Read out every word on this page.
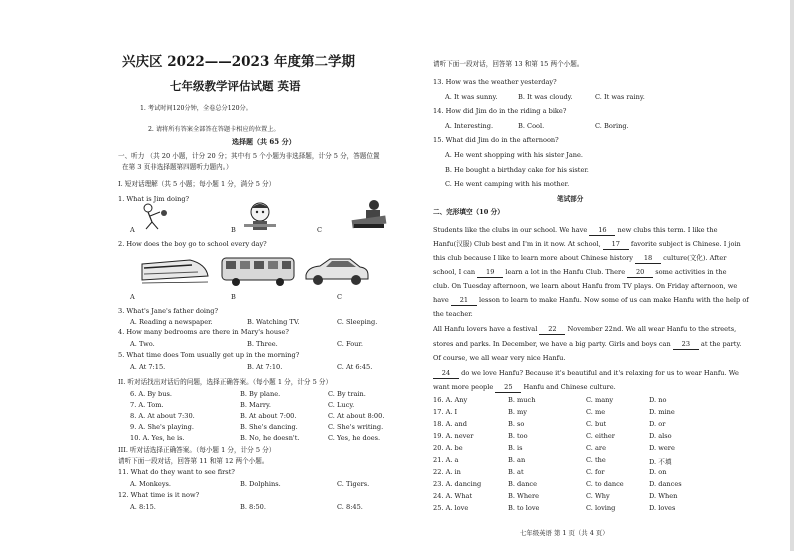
兴庆区 2022——2023 年度第二学期
七年级教学评估试题 英语
1. 考试时间120分钟，全卷总分120分。
2. 请将所有答案全部答在答题卡相应的位置上。
选择题（共 65 分）
一、听力 （共 20 小题，计分 20 分；其中有 5 个小题为非选择题，计分 5 分，答题位置
在第 3 页非选择题第四题听力题内。）
I. 短对话理解（共 5 小题；每小题 1 分，满分 5 分）
1. What is Jim doing?
A	B	C
2. How does the boy go to school every day?
A	B	C
3. What's Jane's father doing?
A. Reading a newspaper.	B. Watching TV.	C. Sleeping.
4. How many bedrooms are there in Mary's house?
A. Two.	B. Three.	C. Four.
5. What time does Tom usually get up in the morning?
A. At 7:15.	B. At 7:10.	C. At 6:45.
II. 听对话找出对话后的问题，选择正确答案。（每小题 1 分，计分 5 分）
6. A. By bus.	B. By plane.	C. By train.
7. A. Tom.	B. Marry.	C. Lucy.
8. A. At about 7:30.	B. At about 7:00.	C. At about 8:00.
9. A. She's playing.	B. She's dancing.	C. She's writing.
10. A. Yes, he is.	B. No, he doesn't.	C. Yes, he does.
III. 听对话选择正确答案。（每小题 1 分，计分 5 分）
请听下面一段对话，回答第 11 和第 12 两个小题。
11. What do they want to see first?
A. Monkeys.	B. Dolphins.	C. Tigers.
12. What time is it now?
A. 8:15.	B. 8:50.	C. 8:45.
请听下面一段对话，回答第 13 和第 15 两个小题。
13. How was the weather yesterday?
A. It was sunny.	B. It was cloudy.	C. It was rainy.
14. How did Jim do in the riding a bike?
A. Interesting.	B. Cool.	C. Boring.
15. What did Jim do in the afternoon?
A. He went shopping with his sister Jane.
B. He bought a birthday cake for his sister.
C. He went camping with his mother.
笔试部分
二、完形填空（10 分）
Students like the clubs in our school. We have 16 new clubs this term. I like the
Hanfu(汉服) Club best and I'm in it now. At school, 17 favorite subject is Chinese. I join
this club because I like to learn more about Chinese history 18 culture(文化). After
school, I can 19 learn a lot in the Hanfu Club. There 20 some activities in the
club. On Tuesday afternoon, we learn about Hanfu from TV plays. On Friday afternoon, we
have 21 lesson to learn to make Hanfu. Now some of us can make Hanfu with the help of
the teacher.
All Hanfu lovers have a festival 22 November 22nd. We all wear Hanfu to the streets,
stores and parks. In December, we have a big party. Girls and boys can 23 at the party.
Of course, we all wear very nice Hanfu.
24 do we love Hanfu? Because it's beautiful and it's relaxing for us to wear Hanfu. We
want more people 25 Hanfu and Chinese culture.
16. A. Any	B. much	C. many	D. no
17. A. I	B. my	C. me	D. mine
18. A. and	B. so	C. but	D. or
19. A. never	B. too	C. either	D. also
20. A. be	B. is	C. are	D. were
21. A. a	B. an	C. the	D. 不填
22. A. in	B. at	C. for	D. on
23. A. dancing	B. dance	C. to dance	D. dances
24. A. What	B. Where	C. Why	D. When
25. A. love	B. to love	C. loving	D. loves
七年级英语 第 1 页（共 4 页）
